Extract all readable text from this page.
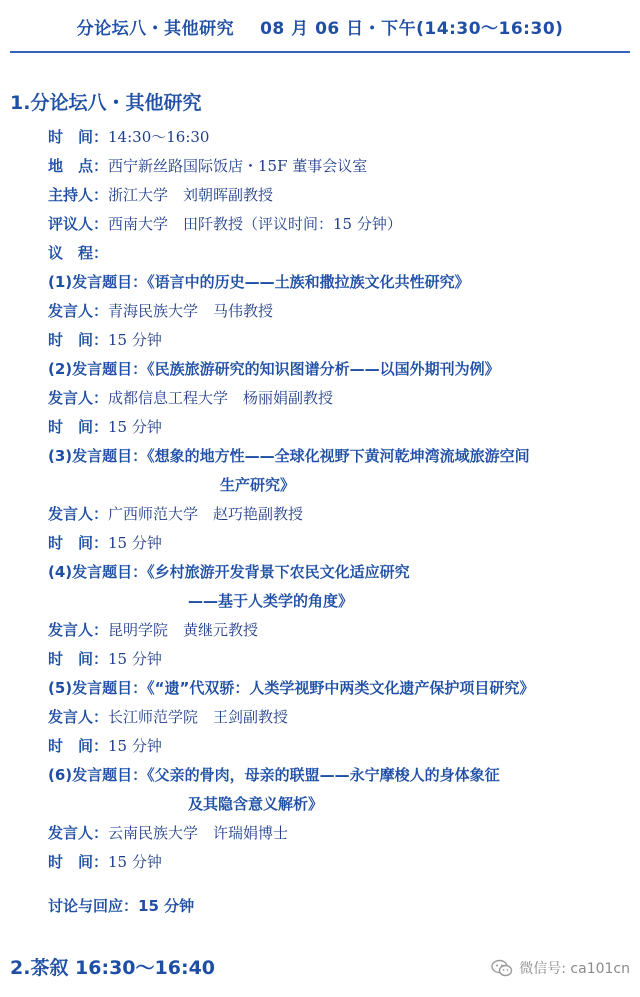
分论坛八・其他研究 08 月 06 日・下午(14:30〜16:30)
1.分论坛八・其他研究
时　间：14:30〜16:30
地　点：西宁新丝路国际饭店・15F 董事会议室
主持人：浙江大学　刘朝晖副教授
评议人：西南大学　田阡教授（评议时间：15 分钟）
议　程：
(1)发言题目：《语言中的历史——土族和撒拉族文化共性研究》
发言人：青海民族大学　马伟教授
时　间：15 分钟
(2)发言题目：《民族旅游研究的知识图谱分析——以国外期刊为例》
发言人：成都信息工程大学　杨丽娟副教授
时　间：15 分钟
(3)发言题目：《想象的地方性——全球化视野下黄河乾坤湾流域旅游空间
生产研究》
发言人：广西师范大学　赵巧艳副教授
时　间：15 分钟
(4)发言题目：《乡村旅游开发背景下农民文化适应研究
——基于人类学的角度》
发言人：昆明学院　黄继元教授
时　间：15 分钟
(5)发言题目：《“遗”代双骄：人类学视野中两类文化遗产保护项目研究》
发言人：长江师范学院　王剑副教授
时　间：15 分钟
(6)发言题目：《父亲的骨肉，母亲的联盟——永宁摩梭人的身体象征
及其隐含意义解析》
发言人：云南民族大学　许瑞娟博士
时　间：15 分钟
讨论与回应：15 分钟
2.茶叙 16:30〜16:40	微信号: ca101cn
